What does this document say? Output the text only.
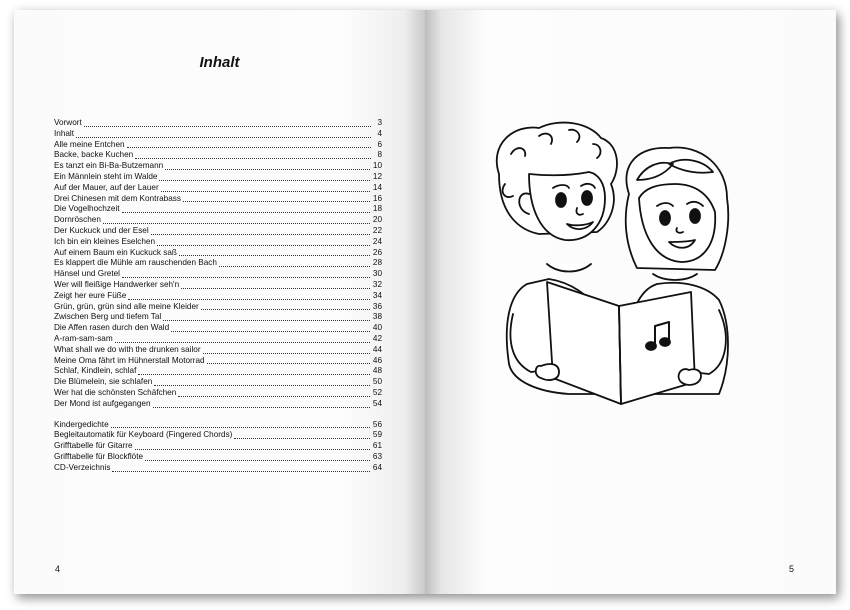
Inhalt
Vorwort	3
Inhalt	4
Alle meine Entchen	6
Backe, backe Kuchen	8
Es tanzt ein Bi-Ba-Butzemann	10
Ein Männlein steht im Walde	12
Auf der Mauer, auf der Lauer	14
Drei Chinesen mit dem Kontrabass	16
Die Vogelhochzeit	18
Dornröschen	20
Der Kuckuck und der Esel	22
Ich bin ein kleines Eselchen	24
Auf einem Baum ein Kuckuck saß	26
Es klappert die Mühle am rauschenden Bach	28
Hänsel und Gretel	30
Wer will fleißige Handwerker seh'n	32
Zeigt her eure Füße	34
Grün, grün, grün sind alle meine Kleider	36
Zwischen Berg und tiefem Tal	38
Die Affen rasen durch den Wald	40
A-ram-sam-sam	42
What shall we do with the drunken sailor	44
Meine Oma fährt im Hühnerstall Motorrad	46
Schlaf, Kindlein, schlaf	48
Die Blümelein, sie schlafen	50
Wer hat die schönsten Schäfchen	52
Der Mond ist aufgegangen	54
Kindergedichte	56
Begleitautomatik für Keyboard (Fingered Chords)	59
Grifftabelle für Gitarre	61
Grifftabelle für Blockflöte	63
CD-Verzeichnis	64
4	5
